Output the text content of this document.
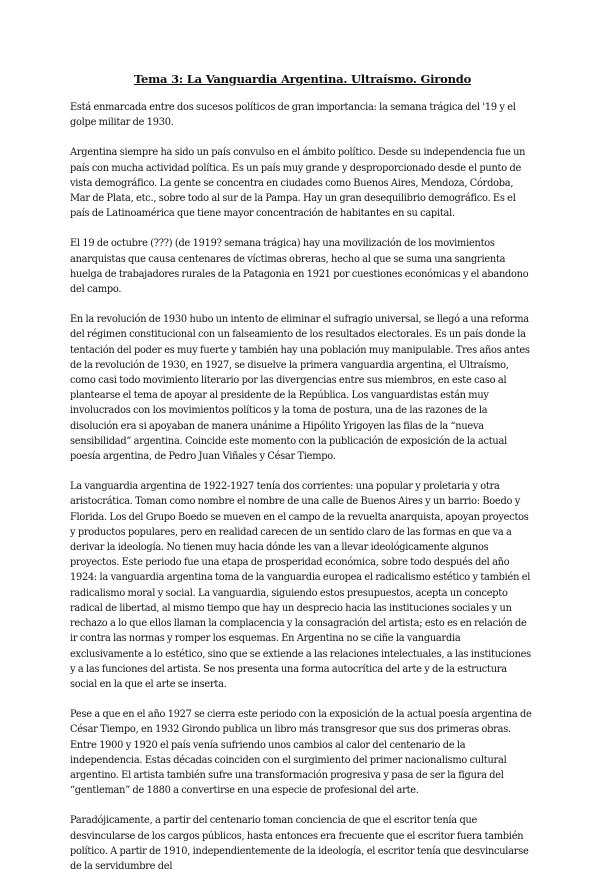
Tema 3: La Vanguardia Argentina. Ultraísmo. Girondo

Está enmarcada entre dos sucesos políticos de gran importancia: la semana trágica del '19 y el golpe militar de 1930.

Argentina siempre ha sido un país convulso en el ámbito político. Desde su independencia fue un país con mucha actividad política. Es un país muy grande y desproporcionado desde el punto de vista demográfico. La gente se concentra en ciudades como Buenos Aires, Mendoza, Córdoba, Mar de Plata, etc., sobre todo al sur de la Pampa. Hay un gran desequilibrio demográfico. Es el país de Latinoamérica que tiene mayor concentración de habitantes en su capital.

El 19 de octubre (???) (de 1919? semana trágica) hay una movilización de los movimientos anarquistas que causa centenares de víctimas obreras, hecho al que se suma una sangrienta huelga de trabajadores rurales de la Patagonia en 1921 por cuestiones económicas y el abandono del campo.

En la revolución de 1930 hubo un intento de eliminar el sufragio universal, se llegó a una reforma del régimen constitucional con un falseamiento de los resultados electorales. Es un país donde la tentación del poder es muy fuerte y también hay una población muy manipulable. Tres años antes de la revolución de 1930, en 1927, se disuelve la primera vanguardia argentina, el Ultraísmo, como casi todo movimiento literario por las divergencias entre sus miembros, en este caso al plantearse el tema de apoyar al presidente de la República. Los vanguardistas están muy involucrados con los movimientos políticos y la toma de postura, una de las razones de la disolución era si apoyaban de manera unánime a Hipólito Yrigoyen las filas de la “nueva sensibilidad” argentina. Coincide este momento con la publicación de exposición de la actual poesía argentina, de Pedro Juan Viñales y César Tiempo.

La vanguardia argentina de 1922-1927 tenía dos corrientes: una popular y proletaria y otra aristocrática. Toman como nombre el nombre de una calle de Buenos Aires y un barrio: Boedo y Florida. Los del Grupo Boedo se mueven en el campo de la revuelta anarquista, apoyan proyectos y productos populares, pero en realidad carecen de un sentido claro de las formas en que va a derivar la ideología. No tienen muy hacia dónde les van a llevar ideológicamente algunos proyectos. Este periodo fue una etapa de prosperidad económica, sobre todo después del año 1924: la vanguardia argentina toma de la vanguardia europea el radicalismo estético y también el radicalismo moral y social. La vanguardia, siguiendo estos presupuestos, acepta un concepto radical de libertad, al mismo tiempo que hay un desprecio hacia las instituciones sociales y un rechazo a lo que ellos llaman la complacencia y la consagración del artista; esto es en relación de ir contra las normas y romper los esquemas. En Argentina no se ciñe la vanguardia exclusivamente a lo estético, sino que se extiende a las relaciones intelectuales, a las instituciones y a las funciones del artista. Se nos presenta una forma autocrítica del arte y de la estructura social en la que el arte se inserta.

Pese a que en el año 1927 se cierra este periodo con la exposición de la actual poesía argentina de César Tiempo, en 1932 Girondo publica un libro más transgresor que sus dos primeras obras. Entre 1900 y 1920 el país venía sufriendo unos cambios al calor del centenario de la independencia. Estas décadas coinciden con el surgimiento del primer nacionalismo cultural argentino. El artista también sufre una transformación progresiva y pasa de ser la figura del “gentleman” de 1880 a convertirse en una especie de profesional del arte.

Paradójicamente, a partir del centenario toman conciencia de que el escritor tenía que desvincularse de los cargos públicos, hasta entonces era frecuente que el escritor fuera también político. A partir de 1910, independientemente de la ideología, el escritor tenía que desvincularse de la servidumbre del
